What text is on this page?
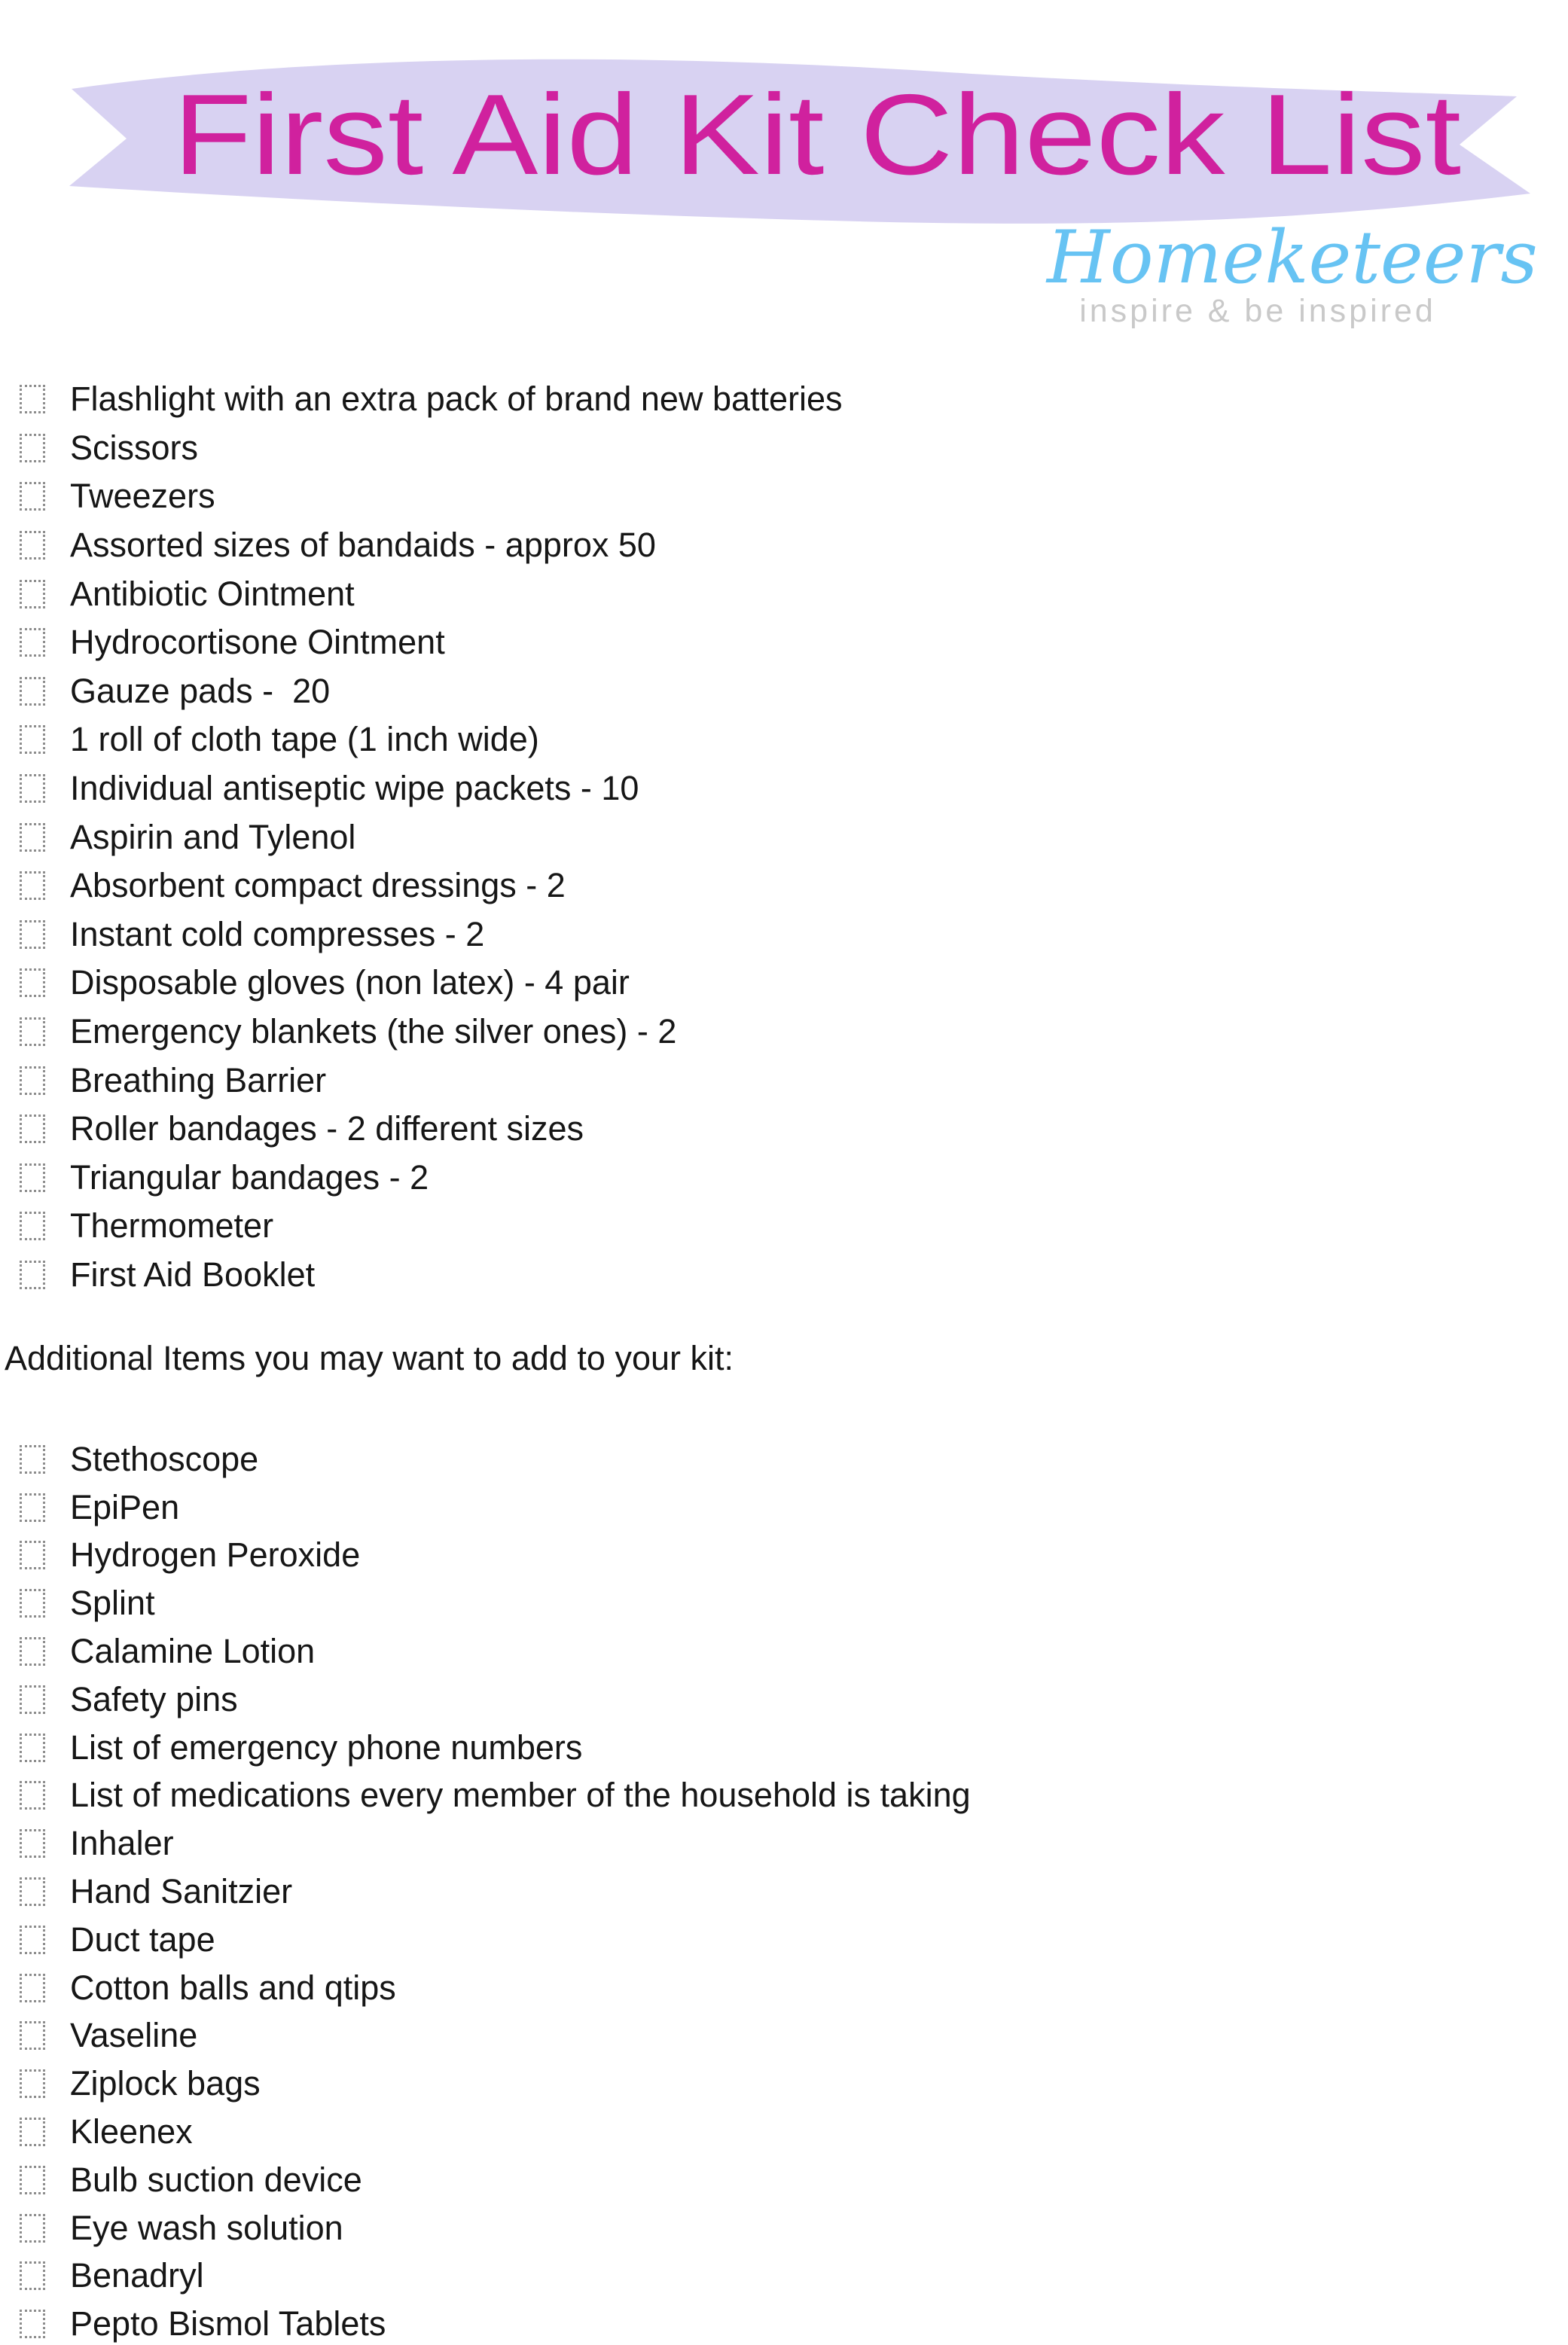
First Aid Kit Check List
Homeketeers
inspire & be inspired
Flashlight with an extra pack of brand new batteries
Scissors
Tweezers
Assorted sizes of bandaids - approx 50
Antibiotic Ointment
Hydrocortisone Ointment
Gauze pads -  20
1 roll of cloth tape (1 inch wide)
Individual antiseptic wipe packets - 10
Aspirin and Tylenol
Absorbent compact dressings - 2
Instant cold compresses - 2
Disposable gloves (non latex) - 4 pair
Emergency blankets (the silver ones) - 2
Breathing Barrier
Roller bandages - 2 different sizes
Triangular bandages - 2
Thermometer
First Aid Booklet
Additional Items you may want to add to your kit:
Stethoscope
EpiPen
Hydrogen Peroxide
Splint
Calamine Lotion
Safety pins
List of emergency phone numbers
List of medications every member of the household is taking
Inhaler
Hand Sanitzier
Duct tape
Cotton balls and qtips
Vaseline
Ziplock bags
Kleenex
Bulb suction device
Eye wash solution
Benadryl
Pepto Bismol Tablets
